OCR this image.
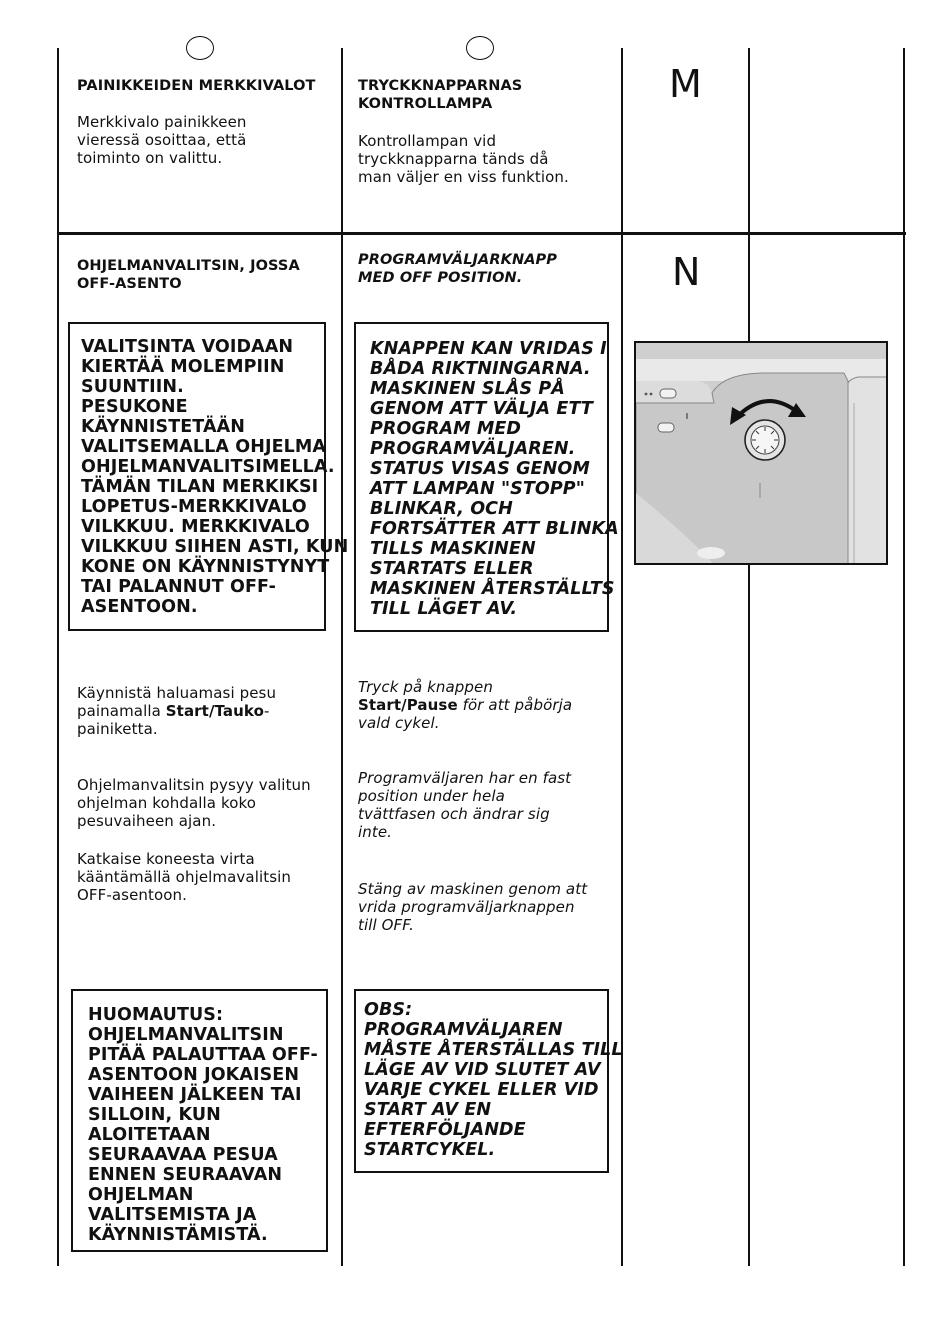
M
PAINIKKEIDEN MERKKIVALOT
Merkkivalo painikkeen
vieressä osoittaa, että
toiminto on valittu.
TRYCKKNAPPARNAS
KONTROLLAMPA
Kontrollampan vid
tryckknapparna tänds då
man väljer en viss funktion.
N
OHJELMANVALITSIN, JOSSA
OFF-ASENTO
PROGRAMVÄLJARKNAPP
MED OFF POSITION.
VALITSINTA VOIDAAN
KIERTÄÄ MOLEMPIIN
SUUNTIIN.
PESUKONE
KÄYNNISTETÄÄN
VALITSEMALLA OHJELMA
OHJELMANVALITSIMELLA.
TÄMÄN TILAN MERKIKSI
LOPETUS-MERKKIVALO
VILKKUU. MERKKIVALO
VILKKUU SIIHEN ASTI, KUN
KONE ON KÄYNNISTYNYT
TAI PALANNUT OFF-
ASENTOON.
KNAPPEN KAN VRIDAS I
BÅDA RIKTNINGARNA.
MASKINEN SLÅS PÅ
GENOM ATT VÄLJA ETT
PROGRAM MED
PROGRAMVÄLJAREN.
STATUS VISAS GENOM
ATT LAMPAN "STOPP"
BLINKAR, OCH
FORTSÄTTER ATT BLINKA
TILLS MASKINEN
STARTATS ELLER
MASKINEN ÅTERSTÄLLTS
TILL LÄGET AV.
Käynnistä haluamasi pesu
painamalla Start/Tauko-
painiketta.
Ohjelmanvalitsin pysyy valitun
ohjelman kohdalla koko
pesuvaiheen ajan.
Katkaise koneesta virta
kääntämällä ohjelmavalitsin
OFF-asentoon.
Tryck på knappen
Start/Pause för att påbörja
vald cykel.
Programväljaren har en fast
position under hela
tvättfasen och ändrar sig
inte.
Stäng av maskinen genom att
vrida programväljarknappen
till OFF.
HUOMAUTUS:
OHJELMANVALITSIN
PITÄÄ PALAUTTAA OFF-
ASENTOON JOKAISEN
VAIHEEN JÄLKEEN TAI
SILLOIN, KUN
ALOITETAAN
SEURAAVAA PESUA
ENNEN SEURAAVAN
OHJELMAN
VALITSEMISTA JA
KÄYNNISTÄMISTÄ.
OBS:
PROGRAMVÄLJAREN
MÅSTE ÅTERSTÄLLAS TILL
LÄGE AV VID SLUTET AV
VARJE CYKEL ELLER VID
START AV EN
EFTERFÖLJANDE
STARTCYKEL.
